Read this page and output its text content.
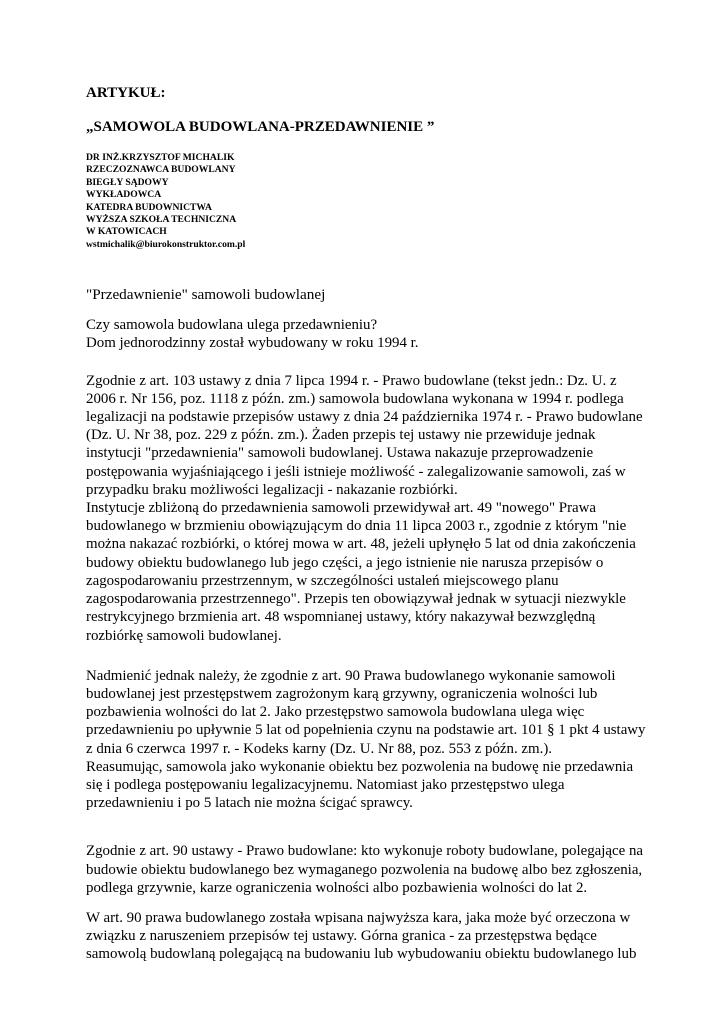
ARTYKUŁ:

„SAMOWOLA BUDOWLANA-PRZEDAWNIENIE ”

DR INŻ.KRZYSZTOF MICHALIK

RZECZOZNAWCA BUDOWLANY

BIEGŁY SĄDOWY

WYKŁADOWCA

KATEDRA BUDOWNICTWA

WYŻSZA SZKOŁA TECHNICZNA

W KATOWICACH

wstmichalik@biurokonstruktor.com.pl

"Przedawnienie" samowoli budowlanej

Czy samowola budowlana ulega przedawnieniu?
Dom jednorodzinny został wybudowany w roku 1994 r.
Zgodnie z art. 103 ustawy z dnia 7 lipca 1994 r. - Prawo budowlane (tekst jedn.: Dz. U. z
2006 r. Nr 156, poz. 1118 z późn. zm.) samowola budowlana wykonana w 1994 r. podlega
legalizacji na podstawie przepisów ustawy z dnia 24 października 1974 r. - Prawo budowlane
(Dz. U. Nr 38, poz. 229 z późn. zm.). Żaden przepis tej ustawy nie przewiduje jednak
instytucji "przedawnienia" samowoli budowlanej. Ustawa nakazuje przeprowadzenie
postępowania wyjaśniającego i jeśli istnieje możliwość - zalegalizowanie samowoli, zaś w
przypadku braku możliwości legalizacji - nakazanie rozbiórki.
Instytucje zbliżoną do przedawnienia samowoli przewidywał art. 49 "nowego" Prawa
budowlanego w brzmieniu obowiązującym do dnia 11 lipca 2003 r., zgodnie z którym "nie
można nakazać rozbiórki, o której mowa w art. 48, jeżeli upłynęło 5 lat od dnia zakończenia
budowy obiektu budowlanego lub jego części, a jego istnienie nie narusza przepisów o
zagospodarowaniu przestrzennym, w szczególności ustaleń miejscowego planu
zagospodarowania przestrzennego". Przepis ten obowiązywał jednak w sytuacji niezwykle
restrykcyjnego brzmienia art. 48 wspomnianej ustawy, który nakazywał bezwzględną
rozbiórkę samowoli budowlanej.
Nadmienić jednak należy, że zgodnie z art. 90 Prawa budowlanego wykonanie samowoli
budowlanej jest przestępstwem zagrożonym karą grzywny, ograniczenia wolności lub
pozbawienia wolności do lat 2. Jako przestępstwo samowola budowlana ulega więc
przedawnieniu po upływnie 5 lat od popełnienia czynu na podstawie art. 101 § 1 pkt 4 ustawy
z dnia 6 czerwca 1997 r. - Kodeks karny (Dz. U. Nr 88, poz. 553 z późn. zm.).
Reasumując, samowola jako wykonanie obiektu bez pozwolenia na budowę nie przedawnia
się i podlega postępowaniu legalizacyjnemu. Natomiast jako przestępstwo ulega
przedawnieniu i po 5 latach nie można ścigać sprawcy.
Zgodnie z art. 90 ustawy - Prawo budowlane: kto wykonuje roboty budowlane, polegające na
budowie obiektu budowlanego bez wymaganego pozwolenia na budowę albo bez zgłoszenia,
podlega grzywnie, karze ograniczenia wolności albo pozbawienia wolności do lat 2.
W art. 90 prawa budowlanego została wpisana najwyższa kara, jaka może być orzeczona w
związku z naruszeniem przepisów tej ustawy. Górna granica - za przestępstwa będące
samowolą budowlaną polegającą na budowaniu lub wybudowaniu obiektu budowlanego lub
